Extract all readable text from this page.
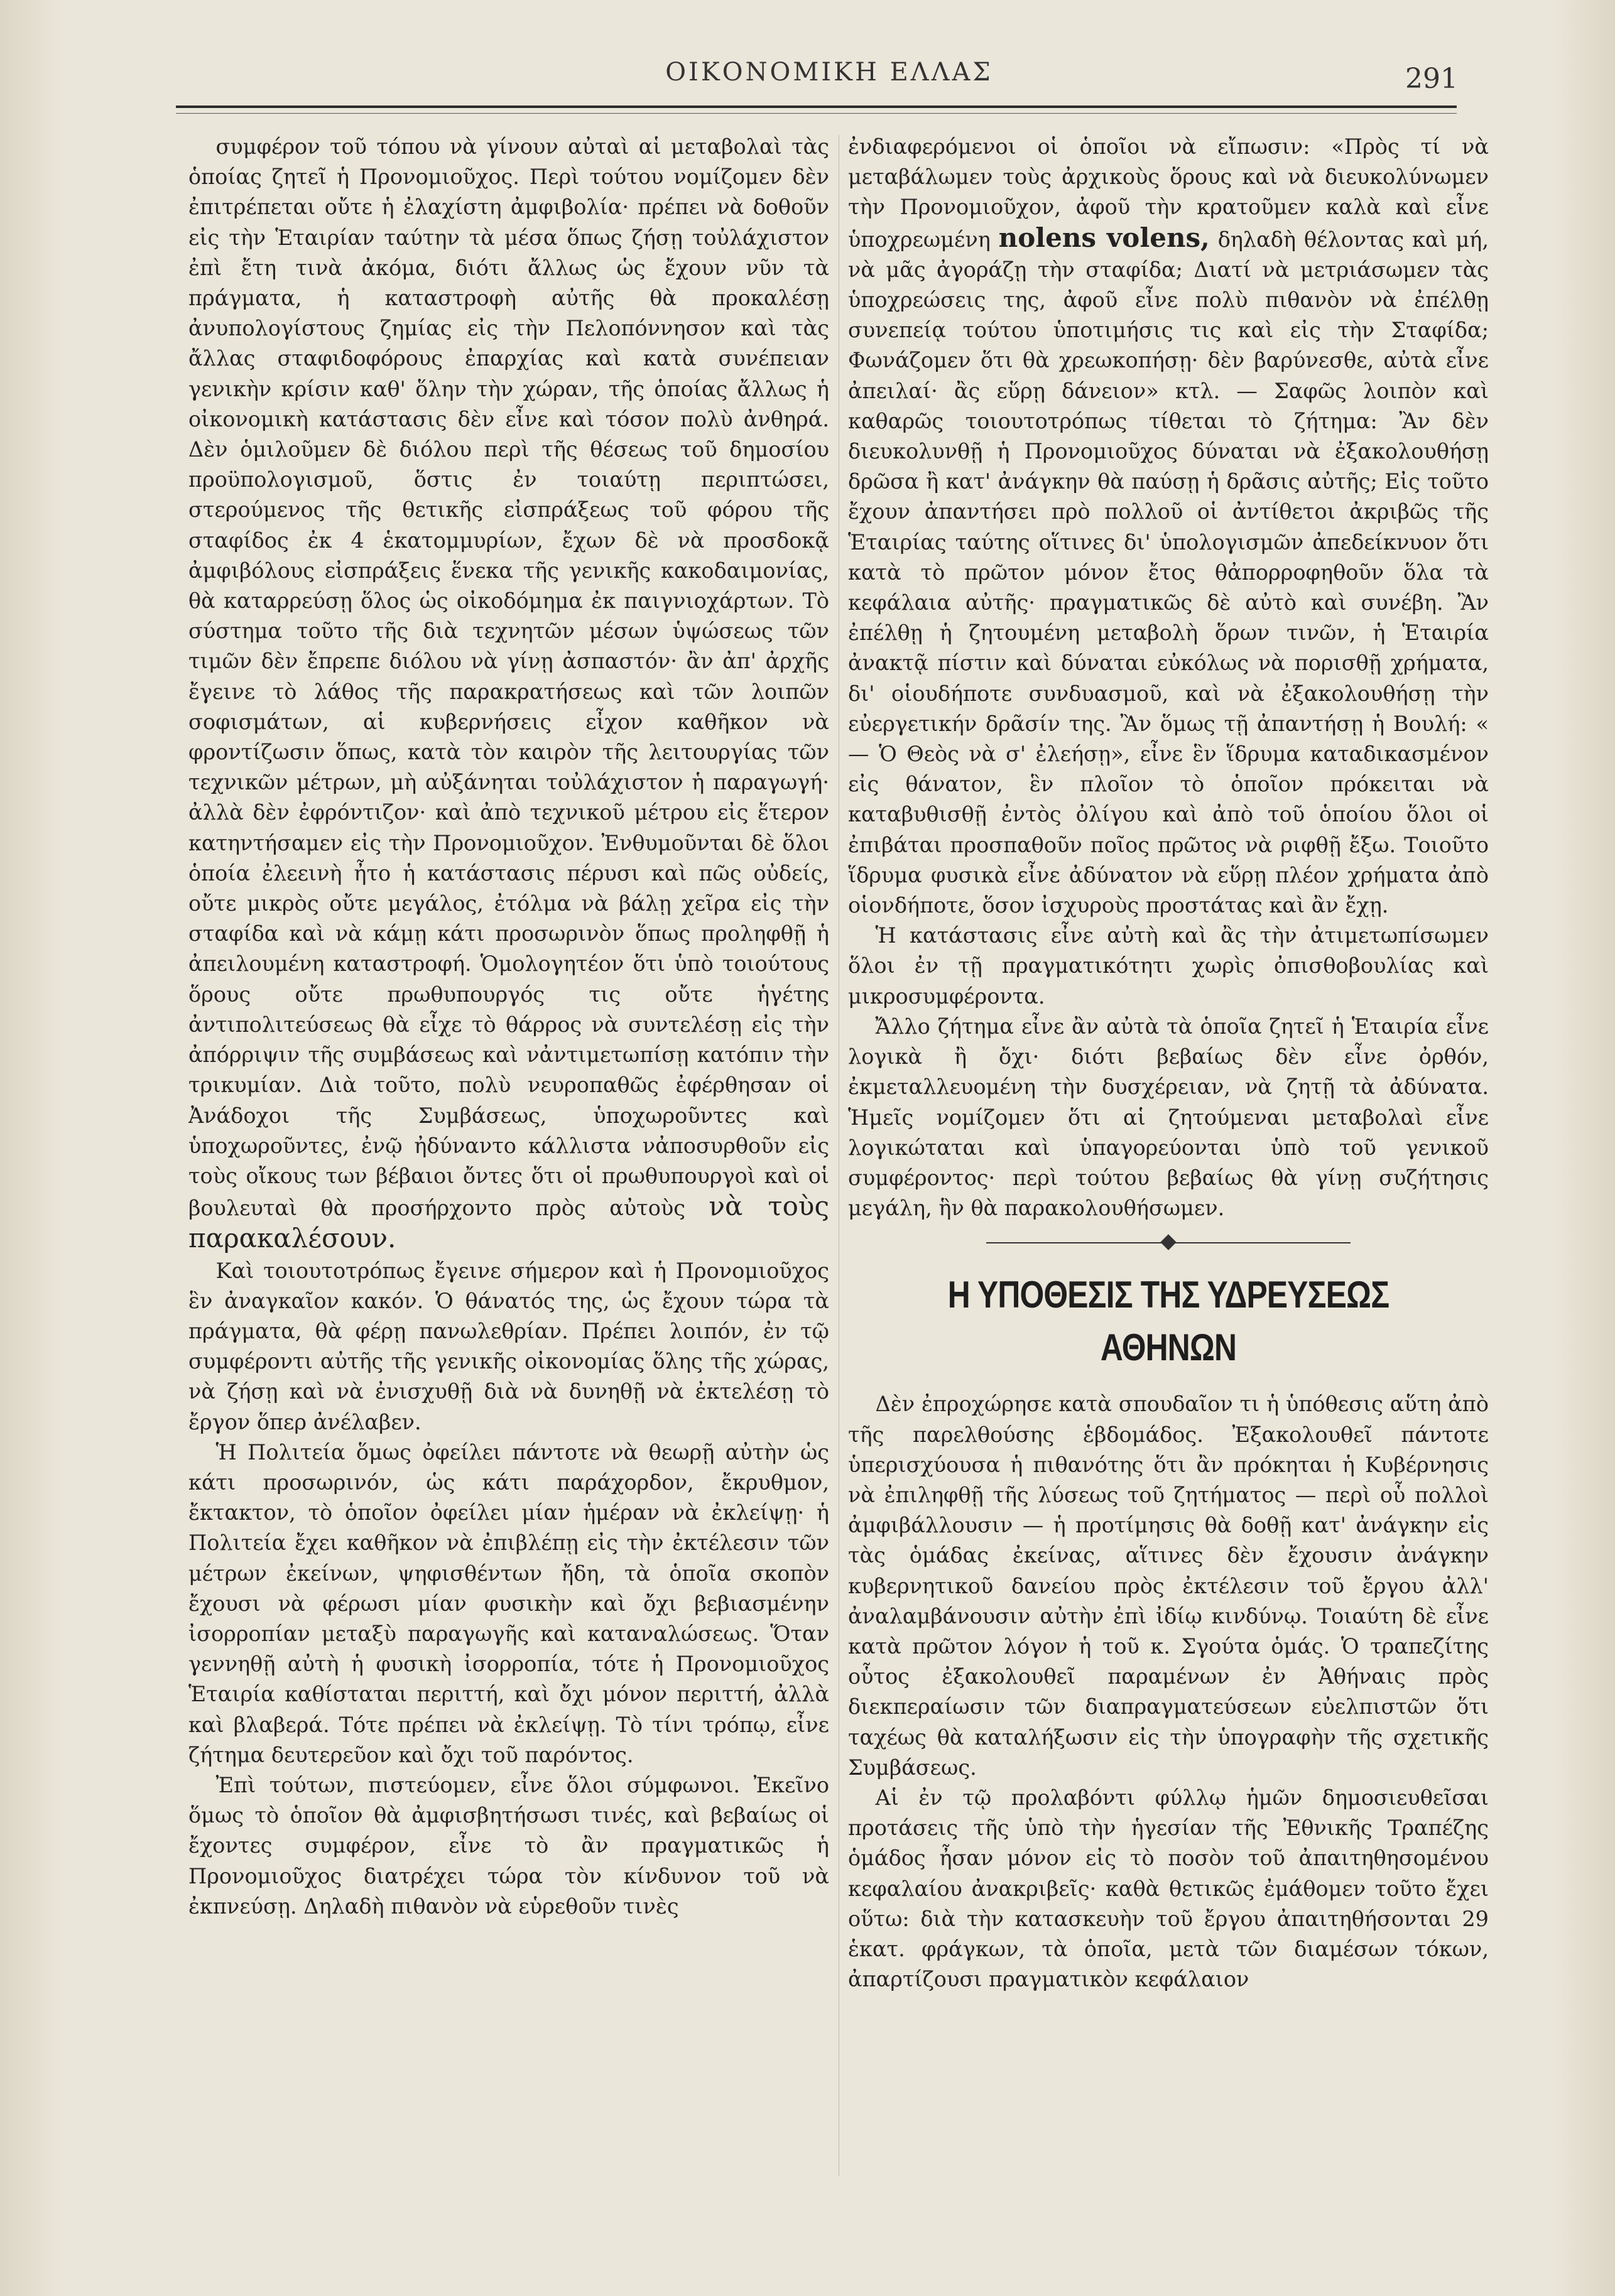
ΟΙΚΟΝΟΜΙΚΗ ΕΛΛΑΣ	291

συμφέρον τοῦ τόπου νὰ γίνουν αὐταὶ αἱ μεταβολαὶ τὰς ὁποίας ζητεῖ ἡ Προνομιοῦχος. Περὶ τούτου νομίζομεν δὲν ἐπιτρέπεται οὔτε ἡ ἐλαχίστη ἀμφιβολία· πρέπει νὰ δοθοῦν εἰς τὴν Ἑταιρίαν ταύτην τὰ μέσα ὅπως ζήσῃ τοὐλάχιστον ἐπὶ ἔτη τινὰ ἀκόμα, διότι ἄλλως ὡς ἔχουν νῦν τὰ πράγματα, ἡ καταστροφὴ αὐτῆς θὰ προκαλέσῃ ἀνυπολογίστους ζημίας εἰς τὴν Πελοπόννησον καὶ τὰς ἄλλας σταφιδοφόρους ἐπαρχίας καὶ κατὰ συνέπειαν γενικὴν κρίσιν καθ' ὅλην τὴν χώραν, τῆς ὁποίας ἄλλως ἡ οἰκονομικὴ κατάστασις δὲν εἶνε καὶ τόσον πολὺ ἀνθηρά. Δὲν ὁμιλοῦμεν δὲ διόλου περὶ τῆς θέσεως τοῦ δημοσίου προϋπολογισμοῦ, ὅστις ἐν τοιαύτῃ περιπτώσει, στερούμενος τῆς θετικῆς εἰσπράξεως τοῦ φόρου τῆς σταφίδος ἐκ 4 ἑκατομμυρίων, ἔχων δὲ νὰ προσδοκᾷ ἀμφιβόλους εἰσπράξεις ἕνεκα τῆς γενικῆς κακοδαιμονίας, θὰ καταρρεύσῃ ὅλος ὡς οἰκοδόμημα ἐκ παιγνιοχάρτων. Τὸ σύστημα τοῦτο τῆς διὰ τεχνητῶν μέσων ὑψώσεως τῶν τιμῶν δὲν ἔπρεπε διόλου νὰ γίνῃ ἀσπαστόν· ἂν ἀπ' ἀρχῆς ἔγεινε τὸ λάθος τῆς παρακρατήσεως καὶ τῶν λοιπῶν σοφισμάτων, αἱ κυβερνήσεις εἶχον καθῆκον νὰ φροντίζωσιν ὅπως, κατὰ τὸν καιρὸν τῆς λειτουργίας τῶν τεχνικῶν μέτρων, μὴ αὐξάνηται τοὐλάχιστον ἡ παραγωγή· ἀλλὰ δὲν ἐφρόντιζον· καὶ ἀπὸ τεχνικοῦ μέτρου εἰς ἕτερον κατηντήσαμεν εἰς τὴν Προνομιοῦχον. Ἐνθυμοῦνται δὲ ὅλοι ὁποία ἐλεεινὴ ἦτο ἡ κατάστασις πέρυσι καὶ πῶς οὐδείς, οὔτε μικρὸς οὔτε μεγάλος, ἐτόλμα νὰ βάλῃ χεῖρα εἰς τὴν σταφίδα καὶ νὰ κάμῃ κάτι προσωρινὸν ὅπως προληφθῇ ἡ ἀπειλουμένη καταστροφή. Ὁμολογητέον ὅτι ὑπὸ τοιούτους ὅρους οὔτε πρωθυπουργός τις οὔτε ἡγέτης ἀντιπολιτεύσεως θὰ εἶχε τὸ θάρρος νὰ συντελέσῃ εἰς τὴν ἀπόρριψιν τῆς συμβάσεως καὶ νἀντιμετωπίσῃ κατόπιν τὴν τρικυμίαν. Διὰ τοῦτο, πολὺ νευροπαθῶς ἐφέρθησαν οἱ Ἀνάδοχοι τῆς Συμβάσεως, ὑποχωροῦντες καὶ ὑποχωροῦντες, ἐνῷ ἠδύναντο κάλλιστα νἀποσυρθοῦν εἰς τοὺς οἴκους των βέβαιοι ὄντες ὅτι οἱ πρωθυπουργοὶ καὶ οἱ βουλευταὶ θὰ προσήρχοντο πρὸς αὐτοὺς νὰ τοὺς παρακαλέσουν.

Καὶ τοιουτοτρόπως ἔγεινε σήμερον καὶ ἡ Προνομιοῦχος ἓν ἀναγκαῖον κακόν. Ὁ θάνατός της, ὡς ἔχουν τώρα τὰ πράγματα, θὰ φέρῃ πανωλεθρίαν. Πρέπει λοιπόν, ἐν τῷ συμφέροντι αὐτῆς τῆς γενικῆς οἰκονομίας ὅλης τῆς χώρας, νὰ ζήσῃ καὶ νὰ ἐνισχυθῇ διὰ νὰ δυνηθῇ νὰ ἐκτελέσῃ τὸ ἔργον ὅπερ ἀνέλαβεν.

Ἡ Πολιτεία ὅμως ὀφείλει πάντοτε νὰ θεωρῇ αὐτὴν ὡς κάτι προσωρινόν, ὡς κάτι παράχορδον, ἔκρυθμον, ἔκτακτον, τὸ ὁποῖον ὀφείλει μίαν ἡμέραν νὰ ἐκλείψῃ· ἡ Πολιτεία ἔχει καθῆκον νὰ ἐπιβλέπῃ εἰς τὴν ἐκτέλεσιν τῶν μέτρων ἐκείνων, ψηφισθέντων ἤδη, τὰ ὁποῖα σκοπὸν ἔχουσι νὰ φέρωσι μίαν φυσικὴν καὶ ὄχι βεβιασμένην ἰσορροπίαν μεταξὺ παραγωγῆς καὶ καταναλώσεως. Ὅταν γεννηθῇ αὐτὴ ἡ φυσικὴ ἰσορροπία, τότε ἡ Προνομιοῦχος Ἑταιρία καθίσταται περιττή, καὶ ὄχι μόνον περιττή, ἀλλὰ καὶ βλαβερά. Τότε πρέπει νὰ ἐκλείψῃ. Τὸ τίνι τρόπῳ, εἶνε ζήτημα δευτερεῦον καὶ ὄχι τοῦ παρόντος.

Ἐπὶ τούτων, πιστεύομεν, εἶνε ὅλοι σύμφωνοι. Ἐκεῖνο ὅμως τὸ ὁποῖον θὰ ἀμφισβητήσωσι τινές, καὶ βεβαίως οἱ ἔχοντες συμφέρον, εἶνε τὸ ἂν πραγματικῶς ἡ Προνομιοῦχος διατρέχει τώρα τὸν κίνδυνον τοῦ νὰ ἐκπνεύσῃ. Δηλαδὴ πιθανὸν νὰ εὑρεθοῦν τινὲς

ἐνδιαφερόμενοι οἱ ὁποῖοι νὰ εἴπωσιν: «Πρὸς τί νὰ μεταβάλωμεν τοὺς ἀρχικοὺς ὅρους καὶ νὰ διευκολύνωμεν τὴν Προνομιοῦχον, ἀφοῦ τὴν κρατοῦμεν καλὰ καὶ εἶνε ὑποχρεωμένη nolens volens, δηλαδὴ θέλοντας καὶ μή, νὰ μᾶς ἀγοράζῃ τὴν σταφίδα; Διατί νὰ μετριάσωμεν τὰς ὑποχρεώσεις της, ἀφοῦ εἶνε πολὺ πιθανὸν νὰ ἐπέλθῃ συνεπείᾳ τούτου ὑποτιμήσις τις καὶ εἰς τὴν Σταφίδα; Φωνάζομεν ὅτι θὰ χρεωκοπήσῃ· δὲν βαρύνεσθε, αὐτὰ εἶνε ἀπειλαί· ἂς εὕρῃ δάνειον» κτλ. — Σαφῶς λοιπὸν καὶ καθαρῶς τοιουτοτρόπως τίθεται τὸ ζήτημα: Ἂν δὲν διευκολυνθῇ ἡ Προνομιοῦχος δύναται νὰ ἐξακολουθήσῃ δρῶσα ἢ κατ' ἀνάγκην θὰ παύσῃ ἡ δρᾶσις αὐτῆς; Εἰς τοῦτο ἔχουν ἀπαντήσει πρὸ πολλοῦ οἱ ἀντίθετοι ἀκριβῶς τῆς Ἑταιρίας ταύτης οἵτινες δι' ὑπολογισμῶν ἀπεδείκνυον ὅτι κατὰ τὸ πρῶτον μόνον ἔτος θἀπορροφηθοῦν ὅλα τὰ κεφάλαια αὐτῆς· πραγματικῶς δὲ αὐτὸ καὶ συνέβη. Ἂν ἐπέλθῃ ἡ ζητουμένη μεταβολὴ ὅρων τινῶν, ἡ Ἑταιρία ἀνακτᾷ πίστιν καὶ δύναται εὐκόλως νὰ πορισθῇ χρήματα, δι' οἱουδήποτε συνδυασμοῦ, καὶ νὰ ἐξακολουθήσῃ τὴν εὐεργετικήν δρᾶσίν της. Ἂν ὅμως τῇ ἀπαντήσῃ ἡ Βουλή: « — Ὁ Θεὸς νὰ σ' ἐλεήσῃ», εἶνε ἓν ἵδρυμα καταδικασμένον εἰς θάνατον, ἓν πλοῖον τὸ ὁποῖον πρόκειται νὰ καταβυθισθῇ ἐντὸς ὀλίγου καὶ ἀπὸ τοῦ ὁποίου ὅλοι οἱ ἐπιβάται προσπαθοῦν ποῖος πρῶτος νὰ ριφθῇ ἔξω. Τοιοῦτο ἵδρυμα φυσικὰ εἶνε ἀδύνατον νὰ εὕρῃ πλέον χρήματα ἀπὸ οἱονδήποτε, ὅσον ἰσχυροὺς προστάτας καὶ ἂν ἔχῃ.

Ἡ κατάστασις εἶνε αὐτὴ καὶ ἂς τὴν ἀτιμετωπίσωμεν ὅλοι ἐν τῇ πραγματικότητι χωρὶς ὀπισθοβουλίας καὶ μικροσυμφέροντα.

Ἄλλο ζήτημα εἶνε ἂν αὐτὰ τὰ ὁποῖα ζητεῖ ἡ Ἑταιρία εἶνε λογικὰ ἢ ὄχι· διότι βεβαίως δὲν εἶνε ὀρθόν, ἐκμεταλλευομένη τὴν δυσχέρειαν, νὰ ζητῇ τὰ ἀδύνατα. Ἡμεῖς νομίζομεν ὅτι αἱ ζητούμεναι μεταβολαὶ εἶνε λογικώταται καὶ ὑπαγορεύονται ὑπὸ τοῦ γενικοῦ συμφέροντος· περὶ τούτου βεβαίως θὰ γίνῃ συζήτησις μεγάλη, ἣν θὰ παρακολουθήσωμεν.

Η ΥΠΟΘΕΣΙΣ ΤΗΣ ΥΔΡΕΥΣΕΩΣ ΑΘΗΝΩΝ

Δὲν ἐπροχώρησε κατὰ σπουδαῖον τι ἡ ὑπόθεσις αὕτη ἀπὸ τῆς παρελθούσης ἑβδομάδος. Ἐξακολουθεῖ πάντοτε ὑπερισχύουσα ἡ πιθανότης ὅτι ἂν πρόκηται ἡ Κυβέρνησις νὰ ἐπιληφθῇ τῆς λύσεως τοῦ ζητήματος — περὶ οὗ πολλοὶ ἀμφιβάλλουσιν — ἡ προτίμησις θὰ δοθῇ κατ' ἀνάγκην εἰς τὰς ὁμάδας ἐκείνας, αἵτινες δὲν ἔχουσιν ἀνάγκην κυβερνητικοῦ δανείου πρὸς ἐκτέλεσιν τοῦ ἔργου ἀλλ' ἀναλαμβάνουσιν αὐτὴν ἐπὶ ἰδίῳ κινδύνῳ. Τοιαύτη δὲ εἶνε κατὰ πρῶτον λόγον ἡ τοῦ κ. Σγούτα ὁμάς. Ὁ τραπεζίτης οὗτος ἐξακολουθεῖ παραμένων ἐν Ἀθήναις πρὸς διεκπεραίωσιν τῶν διαπραγματεύσεων εὐελπιστῶν ὅτι ταχέως θὰ καταλήξωσιν εἰς τὴν ὑπογραφὴν τῆς σχετικῆς Συμβάσεως.

Αἱ ἐν τῷ προλαβόντι φύλλῳ ἡμῶν δημοσιευθεῖσαι προτάσεις τῆς ὑπὸ τὴν ἡγεσίαν τῆς Ἐθνικῆς Τραπέζης ὁμάδος ἦσαν μόνον εἰς τὸ ποσὸν τοῦ ἀπαιτηθησομένου κεφαλαίου ἀνακριβεῖς· καθὰ θετικῶς ἐμάθομεν τοῦτο ἔχει οὕτω: διὰ τὴν κατασκευὴν τοῦ ἔργου ἀπαιτηθήσονται 29 ἑκατ. φράγκων, τὰ ὁποῖα, μετὰ τῶν διαμέσων τόκων, ἀπαρτίζουσι πραγματικὸν κεφάλαιον
